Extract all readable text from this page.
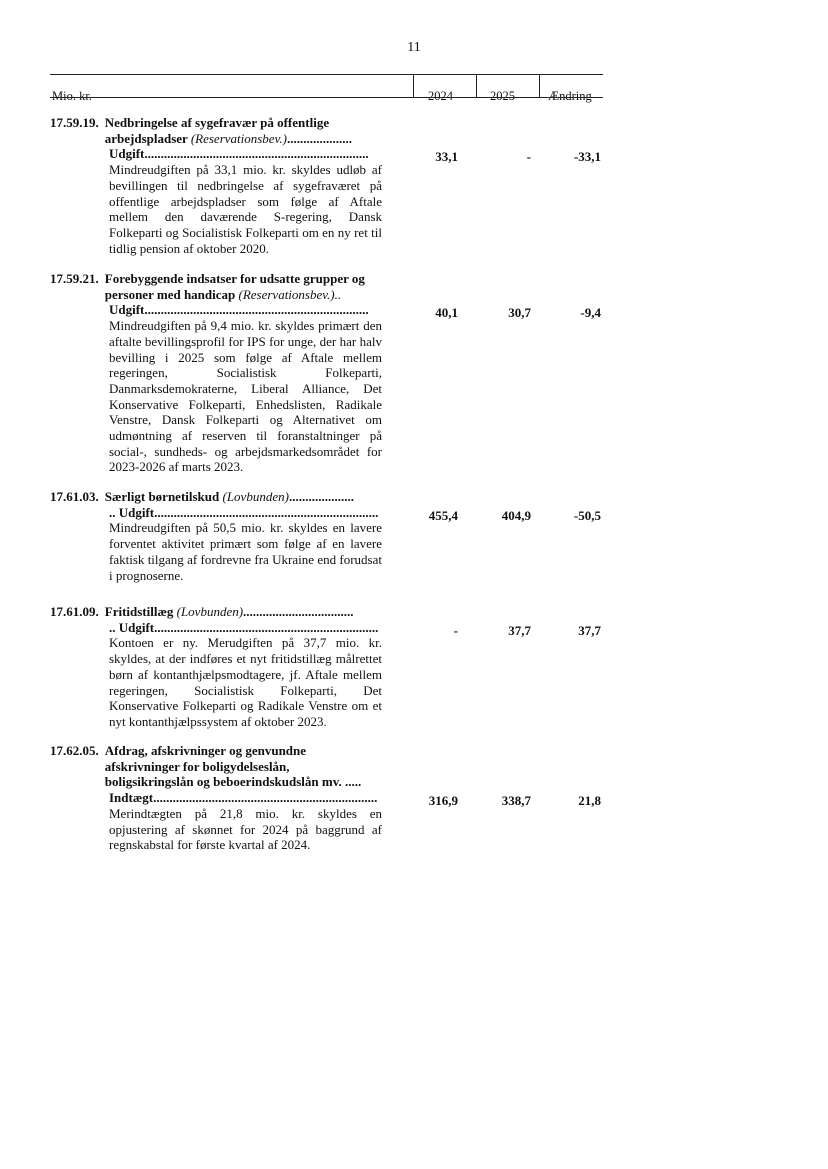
11
Mio. kr.	2024	2025	Ændring
17.59.19. Nedbringelse af sygefravær på offentlige arbejdspladser (Reservationsbev.)....................
Udgift.....................................................................
Mindreudgiften på 33,1 mio. kr. skyldes udløb af bevillingen til nedbringelse af sygefraværet på offentlige arbejdspladser som følge af Aftale mellem den daværende S-regering, Dansk Folkeparti og Socialistisk Folkeparti om en ny ret til tidlig pension af oktober 2020.
33,1	-	-33,1
17.59.21. Forebyggende indsatser for udsatte grupper og personer med handicap (Reservationsbev.)..
Udgift.....................................................................
Mindreudgiften på 9,4 mio. kr. skyldes primært den aftalte bevillingsprofil for IPS for unge, der har halv bevilling i 2025 som følge af Aftale mellem regeringen, Socialistisk Folkeparti, Danmarksdemokraterne, Liberal Alliance, Det Konservative Folkeparti, Enhedslisten, Radikale Venstre, Dansk Folkeparti og Alternativet om udmøntning af reserven til foranstaltninger på social-, sundheds- og arbejdsmarkedsområdet for 2023-2026 af marts 2023.
40,1	30,7	-9,4
17.61.03. Særligt børnetilskud (Lovbunden)....................
.. Udgift.....................................................................
Mindreudgiften på 50,5 mio. kr. skyldes en lavere forventet aktivitet primært som følge af en lavere faktisk tilgang af fordrevne fra Ukraine end forudsat i prognoserne.
455,4	404,9	-50,5
17.61.09. Fritidstillæg (Lovbunden)..................................
.. Udgift.....................................................................
Kontoen er ny. Merudgiften på 37,7 mio. kr. skyldes, at der indføres et nyt fritidstillæg målrettet børn af kontanthjælpsmodtagere, jf. Aftale mellem regeringen, Socialistisk Folkeparti, Det Konservative Folkeparti og Radikale Venstre om et nyt kontanthjælpssystem af oktober 2023.
-	37,7	37,7
17.62.05. Afdrag, afskrivninger og genvundne afskrivninger for boligydelseslån, boligsikringslån og beboerindskudslån mv. .....
Indtægt.....................................................................
Merindtægten på 21,8 mio. kr. skyldes en opjustering af skønnet for 2024 på baggrund af regnskabstal for første kvartal af 2024.
316,9	338,7	21,8
